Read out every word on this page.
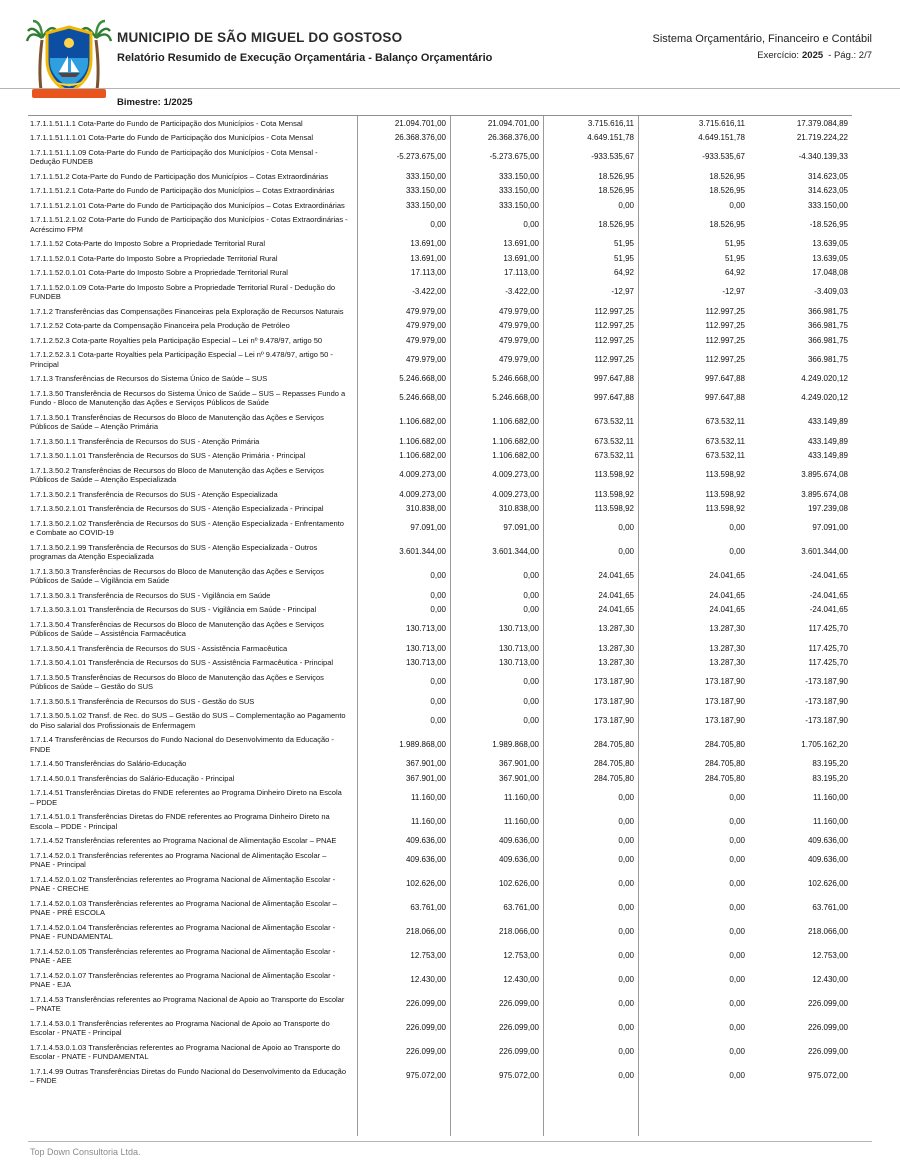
MUNICIPIO DE SÃO MIGUEL DO GOSTOSO
Relatório Resumido de Execução Orçamentária - Balanço Orçamentário
Sistema Orçamentário, Financeiro e Contábil
Exercício: 2025 - Pág.: 2/7
Bimestre: 1/2025
1.7.1.1.51.1.1 Cota-Parte do Fundo de Participação dos Municípios - Cota Mensal	21.094.701,00	21.094.701,00	3.715.616,11	3.715.616,11	17.379.084,89
1.7.1.1.51.1.1.01 Cota-Parte do Fundo de Participação dos Municípios - Cota Mensal	26.368.376,00	26.368.376,00	4.649.151,78	4.649.151,78	21.719.224,22
1.7.1.1.51.1.1.09 Cota-Parte do Fundo de Participação dos Municípios - Cota Mensal - Dedução FUNDEB
-5.273.675,00	-5.273.675,00	-933.535,67	-933.535,67	-4.340.139,33
1.7.1.1.51.2 Cota-Parte do Fundo de Participação dos Municípios – Cotas Extraordinárias	333.150,00	333.150,00	18.526,95	18.526,95	314.623,05
1.7.1.1.51.2.1 Cota-Parte do Fundo de Participação dos Municípios – Cotas Extraordinárias	333.150,00	333.150,00	18.526,95	18.526,95	314.623,05
1.7.1.1.51.2.1.01 Cota-Parte do Fundo de Participação dos Municípios – Cotas Extraordinárias	333.150,00	333.150,00	0,00	0,00	333.150,00
1.7.1.1.51.2.1.02 Cota-Parte do Fundo de Participação dos Municípios - Cotas Extraordinárias - Acréscimo FPM
0,00	0,00	18.526,95	18.526,95	-18.526,95
1.7.1.1.52 Cota-Parte do Imposto Sobre a Propriedade Territorial Rural	13.691,00	13.691,00	51,95	51,95	13.639,05
1.7.1.1.52.0.1 Cota-Parte do Imposto Sobre a Propriedade Territorial Rural	13.691,00	13.691,00	51,95	51,95	13.639,05
1.7.1.1.52.0.1.01 Cota-Parte do Imposto Sobre a Propriedade Territorial Rural	17.113,00	17.113,00	64,92	64,92	17.048,08
1.7.1.1.52.0.1.09 Cota-Parte do Imposto Sobre a Propriedade Territorial Rural - Dedução do FUNDEB
-3.422,00	-3.422,00	-12,97	-12,97	-3.409,03
1.7.1.2 Transferências das Compensações Financeiras pela Exploração de Recursos Naturais	479.979,00	479.979,00	112.997,25	112.997,25	366.981,75
1.7.1.2.52 Cota-parte da Compensação Financeira pela Produção de Petróleo	479.979,00	479.979,00	112.997,25	112.997,25	366.981,75
1.7.1.2.52.3 Cota-parte Royalties pela Participação Especial – Lei nº 9.478/97, artigo 50	479.979,00	479.979,00	112.997,25	112.997,25	366.981,75
1.7.1.2.52.3.1 Cota-parte Royalties pela Participação Especial – Lei nº 9.478/97, artigo 50 - Principal
479.979,00	479.979,00	112.997,25	112.997,25	366.981,75
1.7.1.3 Transferências de Recursos do Sistema Único de Saúde – SUS	5.246.668,00	5.246.668,00	997.647,88	997.647,88	4.249.020,12
1.7.1.3.50 Transferência de Recursos do Sistema Único de Saúde – SUS – Repasses Fundo a Fundo - Bloco de Manutenção das Ações e Serviços Públicos de Saúde
5.246.668,00	5.246.668,00	997.647,88	997.647,88	4.249.020,12
1.7.1.3.50.1 Transferências de Recursos do Bloco de Manutenção das Ações e Serviços Públicos de Saúde – Atenção Primária
1.106.682,00	1.106.682,00	673.532,11	673.532,11	433.149,89
1.7.1.3.50.1.1 Transferência de Recursos do SUS - Atenção Primária	1.106.682,00	1.106.682,00	673.532,11	673.532,11	433.149,89
1.7.1.3.50.1.1.01 Transferência de Recursos do SUS - Atenção Primária - Principal	1.106.682,00	1.106.682,00	673.532,11	673.532,11	433.149,89
1.7.1.3.50.2 Transferências de Recursos do Bloco de Manutenção das Ações e Serviços Públicos de Saúde – Atenção Especializada
4.009.273,00	4.009.273,00	113.598,92	113.598,92	3.895.674,08
1.7.1.3.50.2.1 Transferência de Recursos do SUS - Atenção Especializada	4.009.273,00	4.009.273,00	113.598,92	113.598,92	3.895.674,08
1.7.1.3.50.2.1.01 Transferência de Recursos do SUS - Atenção Especializada - Principal	310.838,00	310.838,00	113.598,92	113.598,92	197.239,08
1.7.1.3.50.2.1.02 Transferência de Recursos do SUS - Atenção Especializada - Enfrentamento e Combate ao COVID-19
97.091,00	97.091,00	0,00	0,00	97.091,00
1.7.1.3.50.2.1.99 Transferência de Recursos do SUS - Atenção Especializada - Outros programas da Atenção Especializada
3.601.344,00	3.601.344,00	0,00	0,00	3.601.344,00
1.7.1.3.50.3 Transferências de Recursos do Bloco de Manutenção das Ações e Serviços Públicos de Saúde – Vigilância em Saúde
0,00	0,00	24.041,65	24.041,65	-24.041,65
1.7.1.3.50.3.1 Transferência de Recursos do SUS - Vigilância em Saúde	0,00	0,00	24.041,65	24.041,65	-24.041,65
1.7.1.3.50.3.1.01 Transferência de Recursos do SUS - Vigilância em Saúde - Principal	0,00	0,00	24.041,65	24.041,65	-24.041,65
1.7.1.3.50.4 Transferências de Recursos do Bloco de Manutenção das Ações e Serviços Públicos de Saúde – Assistência Farmacêutica
130.713,00	130.713,00	13.287,30	13.287,30	117.425,70
1.7.1.3.50.4.1 Transferência de Recursos do SUS - Assistência Farmacêutica	130.713,00	130.713,00	13.287,30	13.287,30	117.425,70
1.7.1.3.50.4.1.01 Transferência de Recursos do SUS - Assistência Farmacêutica - Principal	130.713,00	130.713,00	13.287,30	13.287,30	117.425,70
1.7.1.3.50.5 Transferências de Recursos do Bloco de Manutenção das Ações e Serviços Públicos de Saúde – Gestão do SUS
0,00	0,00	173.187,90	173.187,90	-173.187,90
1.7.1.3.50.5.1 Transferência de Recursos do SUS - Gestão do SUS	0,00	0,00	173.187,90	173.187,90	-173.187,90
1.7.1.3.50.5.1.02 Transf. de Rec. do SUS – Gestão do SUS – Complementação ao Pagamento do Piso salarial dos Profissionais de Enfermagem
0,00	0,00	173.187,90	173.187,90	-173.187,90
1.7.1.4 Transferências de Recursos do Fundo Nacional do Desenvolvimento da Educação -FNDE
1.989.868,00	1.989.868,00	284.705,80	284.705,80	1.705.162,20
1.7.1.4.50 Transferências do Salário-Educação	367.901,00	367.901,00	284.705,80	284.705,80	83.195,20
1.7.1.4.50.0.1 Transferências do Salário-Educação - Principal	367.901,00	367.901,00	284.705,80	284.705,80	83.195,20
1.7.1.4.51 Transferências Diretas do FNDE referentes ao Programa Dinheiro Direto na Escola – PDDE
11.160,00	11.160,00	0,00	0,00	11.160,00
1.7.1.4.51.0.1 Transferências Diretas do FNDE referentes ao Programa Dinheiro Direto na Escola – PDDE - Principal
11.160,00	11.160,00	0,00	0,00	11.160,00
1.7.1.4.52 Transferências referentes ao Programa Nacional de Alimentação Escolar – PNAE	409.636,00	409.636,00	0,00	0,00	409.636,00
1.7.1.4.52.0.1 Transferências referentes ao Programa Nacional de Alimentação Escolar – PNAE - Principal
409.636,00	409.636,00	0,00	0,00	409.636,00
1.7.1.4.52.0.1.02 Transferências referentes ao Programa Nacional de Alimentação Escolar - PNAE - CRECHE
102.626,00	102.626,00	0,00	0,00	102.626,00
1.7.1.4.52.0.1.03 Transferências referentes ao Programa Nacional de Alimentação Escolar – PNAE - PRÉ ESCOLA
63.761,00	63.761,00	0,00	0,00	63.761,00
1.7.1.4.52.0.1.04 Transferências referentes ao Programa Nacional de Alimentação Escolar - PNAE - FUNDAMENTAL
218.066,00	218.066,00	0,00	0,00	218.066,00
1.7.1.4.52.0.1.05 Transferências referentes ao Programa Nacional de Alimentação Escolar - PNAE - AEE
12.753,00	12.753,00	0,00	0,00	12.753,00
1.7.1.4.52.0.1.07 Transferências referentes ao Programa Nacional de Alimentação Escolar - PNAE - EJA
12.430,00	12.430,00	0,00	0,00	12.430,00
1.7.1.4.53 Transferências referentes ao Programa Nacional de Apoio ao Transporte do Escolar – PNATE
226.099,00	226.099,00	0,00	0,00	226.099,00
1.7.1.4.53.0.1 Transferências referentes ao Programa Nacional de Apoio ao Transporte do Escolar - PNATE - Principal
226.099,00	226.099,00	0,00	0,00	226.099,00
1.7.1.4.53.0.1.03 Transferências referentes ao Programa Nacional de Apoio ao Transporte do Escolar - PNATE - FUNDAMENTAL
226.099,00	226.099,00	0,00	0,00	226.099,00
1.7.1.4.99 Outras Transferências Diretas do Fundo Nacional do Desenvolvimento da Educação – FNDE
975.072,00	975.072,00	0,00	0,00	975.072,00
Top Down Consultoria Ltda.
